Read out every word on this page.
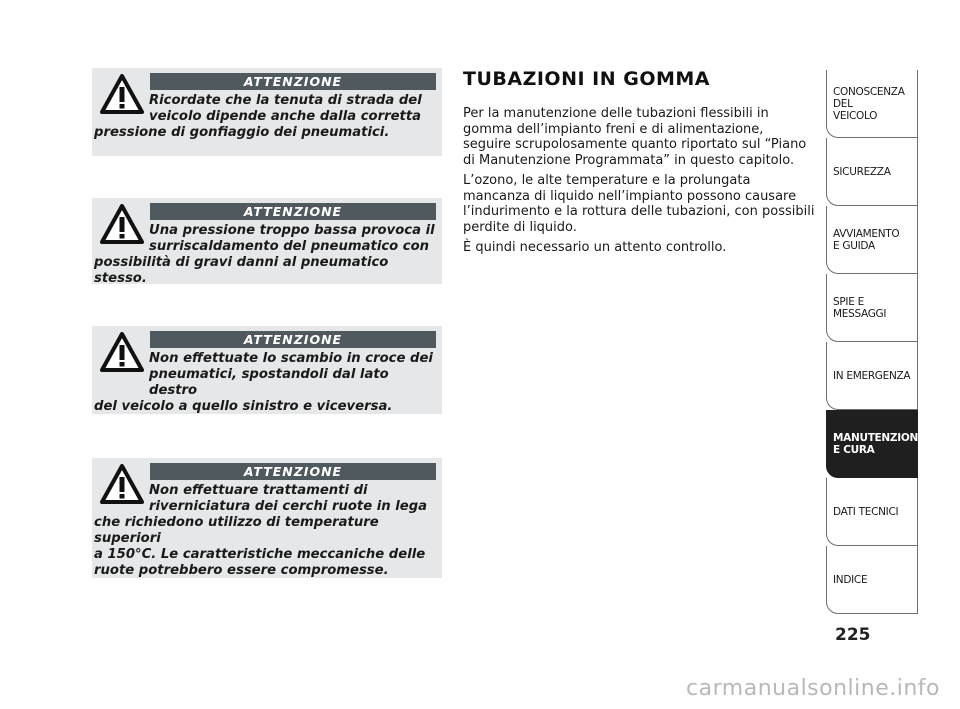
ATTENZIONE
Ricordate che la tenuta di strada del
veicolo dipende anche dalla corretta
pressione di gonfiaggio dei pneumatici.
ATTENZIONE
Una pressione troppo bassa provoca il
surriscaldamento del pneumatico con
possibilità di gravi danni al pneumatico stesso.
ATTENZIONE
Non effettuate lo scambio in croce dei
pneumatici, spostandoli dal lato destro
del veicolo a quello sinistro e viceversa.
ATTENZIONE
Non effettuare trattamenti di
riverniciatura dei cerchi ruote in lega
che richiedono utilizzo di temperature superiori
a 150°C. Le caratteristiche meccaniche delle
ruote potrebbero essere compromesse.
TUBAZIONI IN GOMMA

Per la manutenzione delle tubazioni flessibili in gomma dell’impianto freni e di alimentazione, seguire scrupolosamente quanto riportato sul “Piano di Manutenzione Programmata” in questo capitolo.

L’ozono, le alte temperature e la prolungata mancanza di liquido nell’impianto possono causare l’indurimento e la rottura delle tubazioni, con possibili perdite di liquido.

È quindi necessario un attento controllo.

CONOSCENZA
DEL
VEICOLO
SICUREZZA
AVVIAMENTO
E GUIDA
SPIE E
MESSAGGI
IN EMERGENZA
MANUTENZIONE
E CURA
DATI TECNICI
INDICE
225
carmanualsonline.info
